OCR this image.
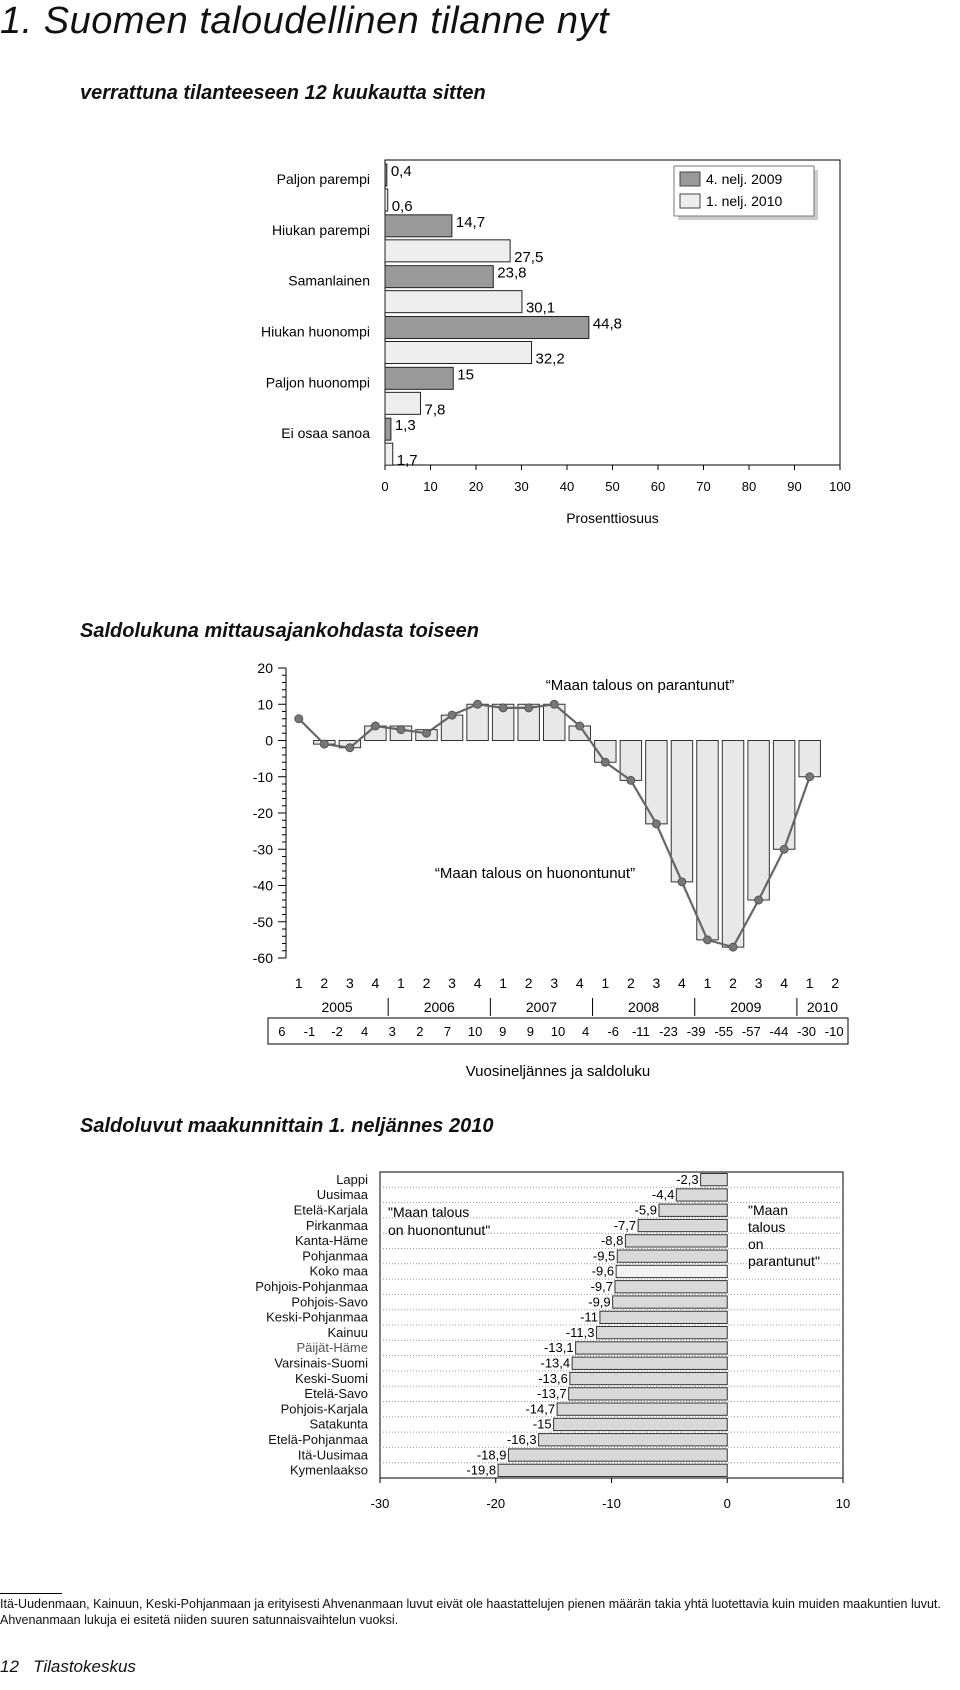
1. Suomen taloudellinen tilanne nyt
verrattuna tilanteeseen 12 kuukautta sitten
Paljon parempi 0,4
0,6
Hiukan parempi	14,7
27,5
Samanlainen	23,8
30,1
Hiukan huonompi	44,8
32,2
Paljon huonompi	15
7,8
Ei osaa sanoa 1,3
1,7
0	10 20 30 40 50 60 70 80 90 100
Prosenttiosuus
4. nelj. 2009
1. nelj. 2010
Saldolukuna mittausajankohdasta toiseen
20
10
0
-10
-20
-30
-40
-50
-60
“Maan talous on parantunut”
“Maan talous on huonontunut”
1 2 3 4 1 2 3 4 1 2 3 4 1 2 3 4 1 2 3 4 1 2
2005	2006	2007	2008	2009	2010
6 -1 -2 4 3 2 7 10 9 9 10 4 -6 -11 -23 -39 -55 -57 -44 -30 -10
Vuosineljännes ja saldoluku
Saldoluvut maakunnittain 1. neljännes 2010
Lappi	-2,3
Uusimaa	-4,4
Etelä-Karjala	-5,9
Pirkanmaa	-7,7
Kanta-Häme	-8,8
Pohjanmaa	-9,5
Koko maa	-9,6
Pohjois-Pohjanmaa	-9,7
Pohjois-Savo	-9,9
Keski-Pohjanmaa	-11
Kainuu	-11,3
Päijät-Häme	-13,1
Varsinais-Suomi	-13,4
Keski-Suomi	-13,6
Etelä-Savo	-13,7
Pohjois-Karjala	-14,7
Satakunta	-15
Etelä-Pohjanmaa	-16,3
Itä-Uusimaa	-18,9
Kymenlaakso	-19,8
-30	-20	-10	0	10
"Maan talous
on huonontunut"
"Maan
talous
on
parantunut"
Itä-Uudenmaan, Kainuun, Keski-Pohjanmaan ja erityisesti Ahvenanmaan luvut eivät ole haastattelujen pienen määrän takia yhtä luotettavia kuin muiden maakuntien luvut.
Ahvenanmaan lukuja ei esitetä niiden suuren satunnaisvaihtelun vuoksi.
12 Tilastokeskus
